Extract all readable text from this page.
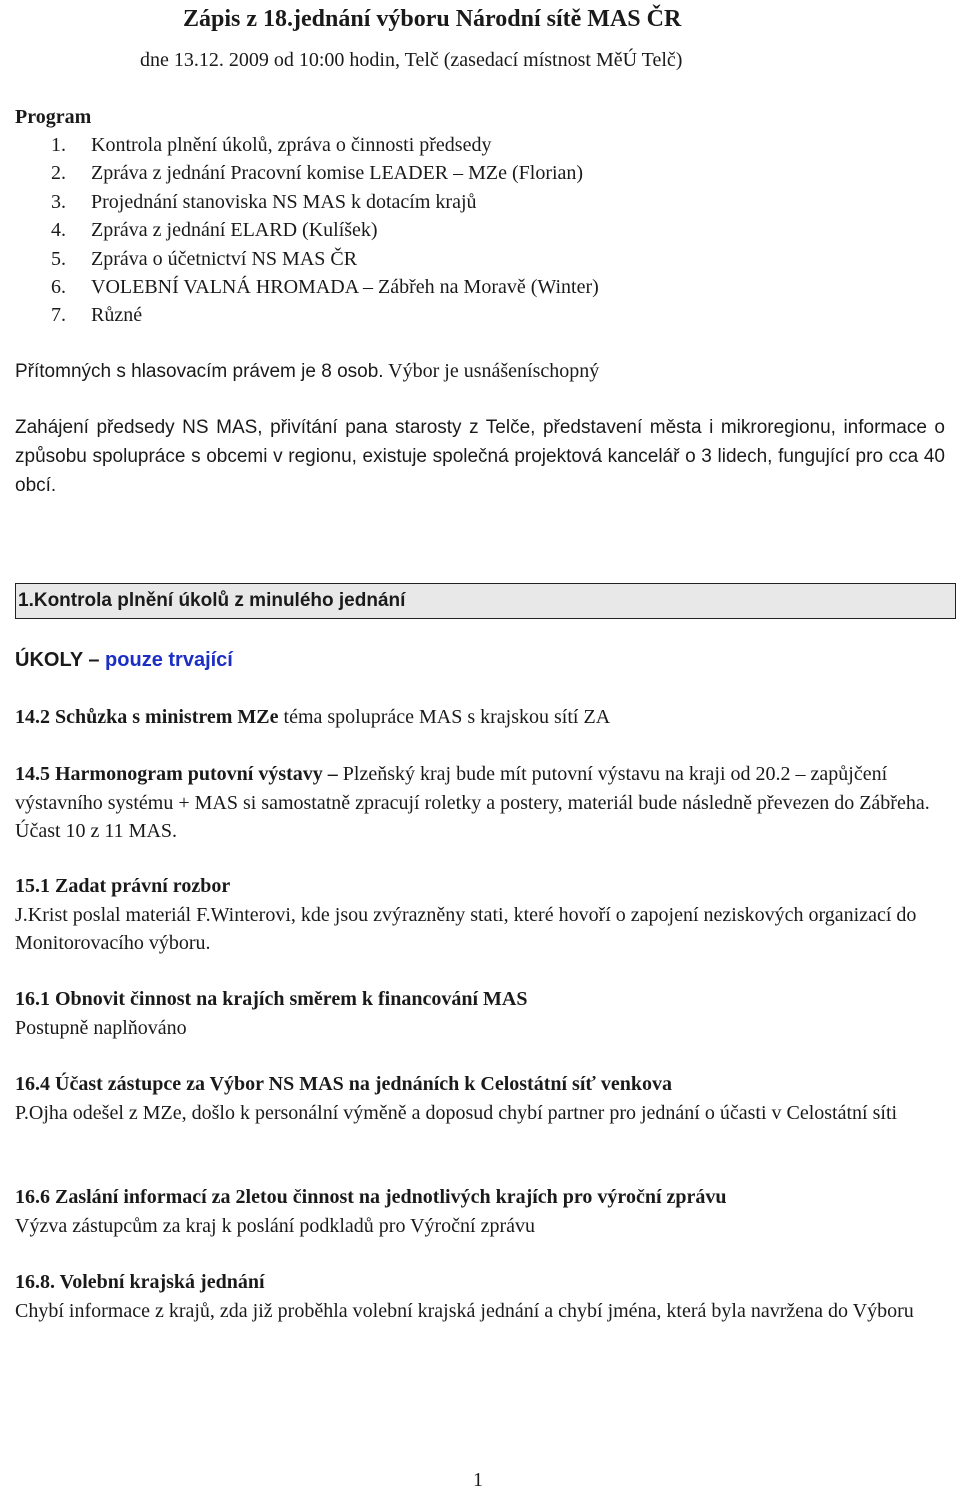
Zápis z 18.jednání výboru Národní sítě MAS ČR
dne 13.12. 2009 od 10:00 hodin, Telč (zasedací místnost MěÚ Telč)
Program
1. Kontrola plnění úkolů, zpráva o činnosti předsedy
2. Zpráva z jednání Pracovní komise LEADER – MZe (Florian)
3. Projednání stanoviska NS MAS k dotacím krajů
4. Zpráva z jednání ELARD (Kulíšek)
5. Zpráva o účetnictví NS MAS ČR
6. VOLEBNÍ VALNÁ HROMADA – Zábřeh na Moravě (Winter)
7. Různé
Přítomných s hlasovacím právem je 8 osob. Výbor je usnášeníschopný
Zahájení předsedy NS MAS, přivítání pana starosty z Telče, představení města i mikroregionu, informace o způsobu spolupráce s obcemi v regionu, existuje společná projektová kancelář o 3 lidech, fungující pro cca 40 obcí.
1.Kontrola plnění úkolů z minulého jednání
ÚKOLY – pouze trvající
14.2 Schůzka s ministrem MZe téma spolupráce MAS s krajskou sítí ZA
14.5 Harmonogram putovní výstavy – Plzeňský kraj bude mít putovní výstavu na kraji od 20.2 – zapůjčení výstavního systému + MAS si samostatně zpracují roletky a postery, materiál bude následně převezen do Zábřeha. Účast 10 z 11 MAS.
15.1 Zadat právní rozbor
J.Krist poslal materiál F.Winterovi, kde jsou zvýrazněny stati, které hovoří o zapojení neziskových organizací do Monitorovacího výboru.
16.1 Obnovit činnost na krajích směrem k financování MAS
Postupně naplňováno
16.4 Účast zástupce za Výbor NS MAS na jednáních k Celostátní síť venkova
P.Ojha odešel z MZe, došlo k personální výměně a doposud chybí partner pro jednání o účasti v Celostátní síti
16.6 Zaslání informací za 2letou činnost na jednotlivých krajích pro výroční zprávu
Výzva zástupcům za kraj k poslání podkladů pro Výroční zprávu
16.8. Volební krajská jednání
Chybí informace z krajů, zda již proběhla volební krajská jednání a chybí jména, která byla navržena do Výboru
1
